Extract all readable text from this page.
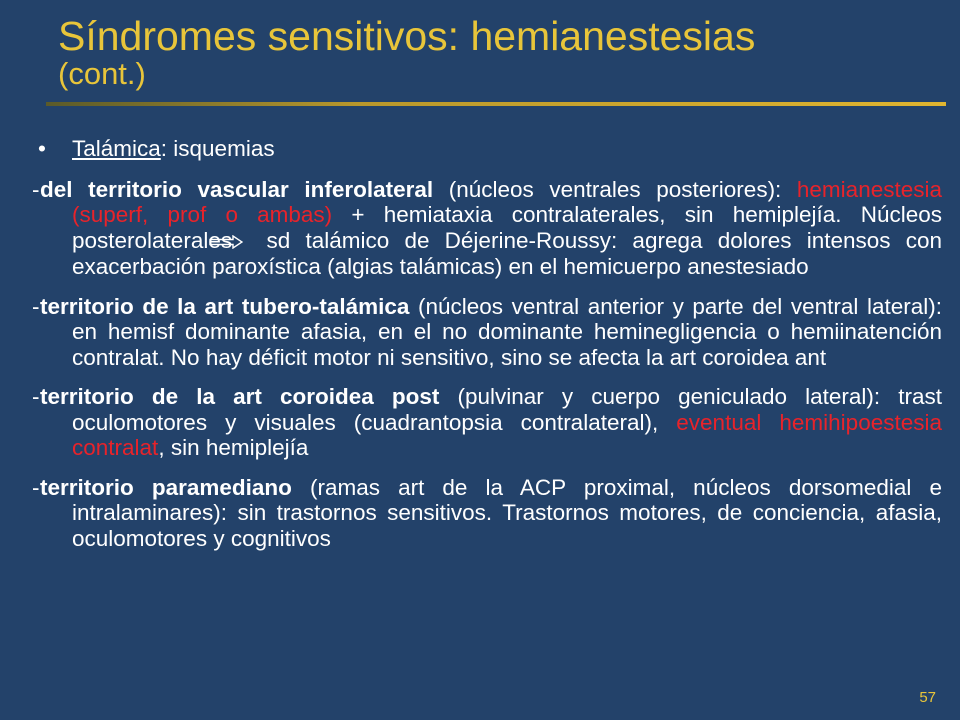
Síndromes sensitivos: hemianestesias
(cont.)
• Talámica: isquemias
-del territorio vascular inferolateral (núcleos ventrales posteriores): hemianestesia (superf, prof o ambas) + hemiataxia contralaterales, sin hemiplejía. Núcleos posterolaterales  sd talámico de Déjerine-Roussy: agrega dolores intensos con exacerbación paroxística (algias talámicas) en el hemicuerpo anestesiado
-territorio de la art tubero-talámica (núcleos ventral anterior y parte del ventral lateral): en hemisf dominante afasia, en el no dominante heminegligencia o hemiinatención contralat. No hay déficit motor ni sensitivo, sino se afecta la art coroidea ant
-territorio de la art coroidea post (pulvinar y cuerpo geniculado lateral): trast oculomotores y visuales (cuadrantopsia contralateral), eventual hemihipoestesia contralat, sin hemiplejía
-territorio paramediano (ramas art de la ACP proximal, núcleos dorsomedial e intralaminares): sin trastornos sensitivos. Trastornos motores, de conciencia, afasia, oculomotores y cognitivos
57
